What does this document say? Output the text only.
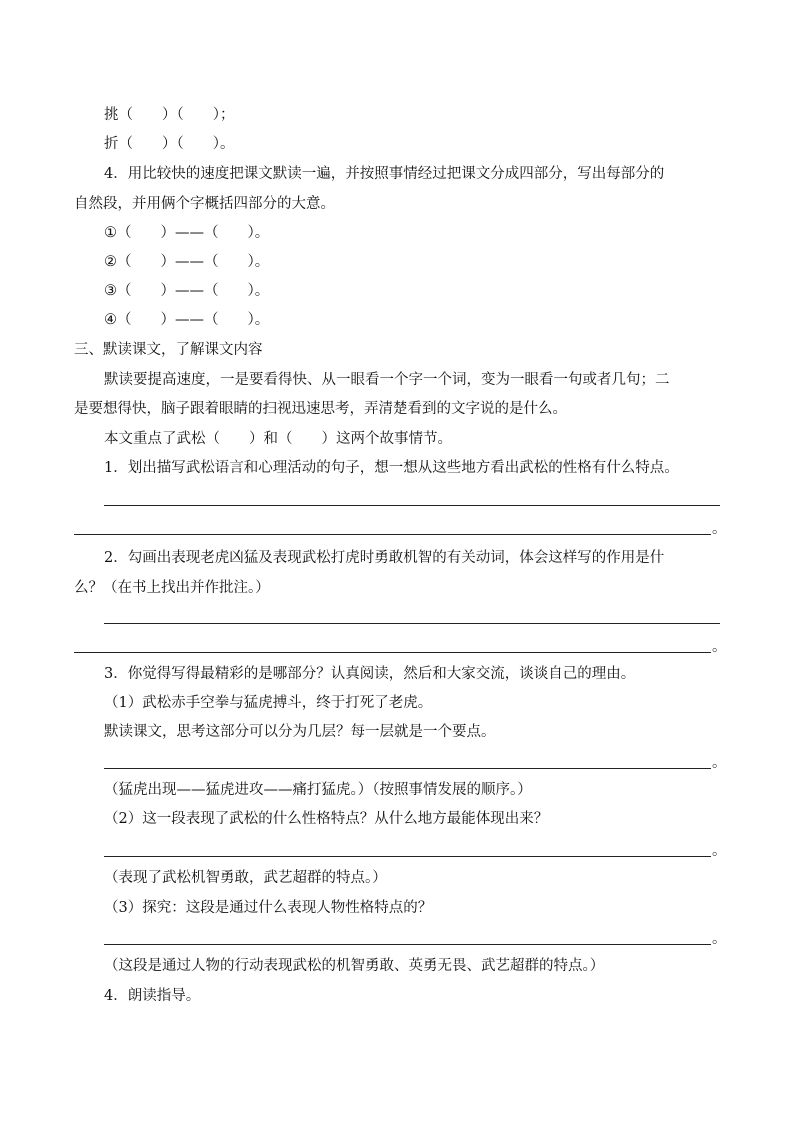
挑（　　）（　　）；
折（　　）（　　）。
4．用比较快的速度把课文默读一遍，并按照事情经过把课文分成四部分，写出每部分的
自然段，并用俩个字概括四部分的大意。
①（　　）——（　　）。
②（　　）——（　　）。
③（　　）——（　　）。
④（　　）——（　　）。
三、默读课文，了解课文内容
默读要提高速度，一是要看得快、从一眼看一个字一个词，变为一眼看一句或者几句；二
是要想得快，脑子跟着眼睛的扫视迅速思考，弄清楚看到的文字说的是什么。
本文重点了武松（　　）和（　　）这两个故事情节。
1．划出描写武松语言和心理活动的句子，想一想从这些地方看出武松的性格有什么特点。
。
2．勾画出表现老虎凶猛及表现武松打虎时勇敢机智的有关动词，体会这样写的作用是什
么？（在书上找出并作批注。）
。
3．你觉得写得最精彩的是哪部分？认真阅读，然后和大家交流，谈谈自己的理由。
（1）武松赤手空拳与猛虎搏斗，终于打死了老虎。
默读课文，思考这部分可以分为几层？每一层就是一个要点。
。
（猛虎出现——猛虎进攻——痛打猛虎。）（按照事情发展的顺序。）
（2）这一段表现了武松的什么性格特点？从什么地方最能体现出来？
。
（表现了武松机智勇敢，武艺超群的特点。）
（3）探究：这段是通过什么表现人物性格特点的？
。
（这段是通过人物的行动表现武松的机智勇敢、英勇无畏、武艺超群的特点。）
4．朗读指导。
